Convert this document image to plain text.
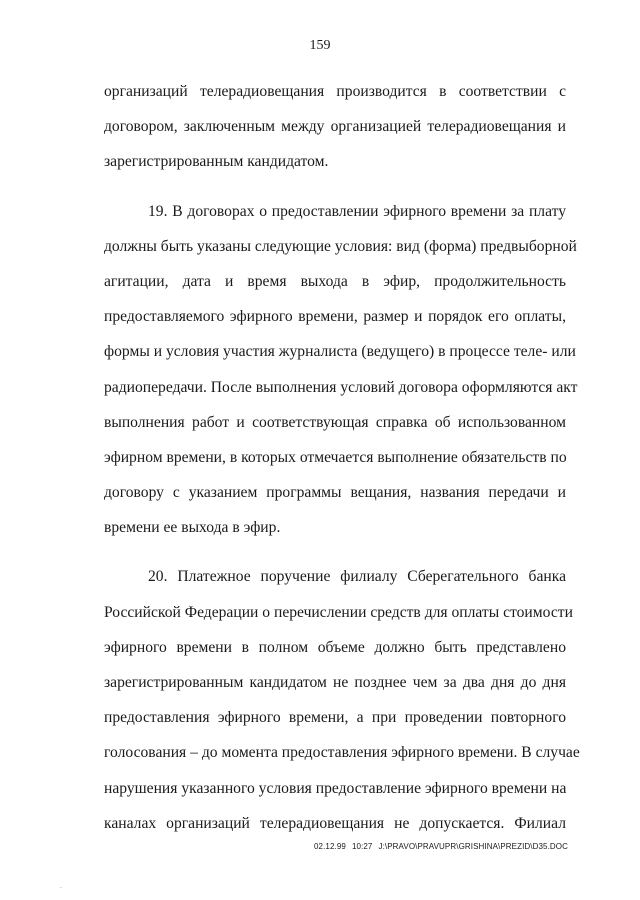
159
организаций телерадиовещания производится в соответствии с
договором, заключенным между организацией телерадиовещания и
зарегистрированным кандидатом.
19. В договорах о предоставлении эфирного времени за плату
должны быть указаны следующие условия: вид (форма) предвыборной
агитации, дата и время выхода в эфир, продолжительность
предоставляемого эфирного времени, размер и порядок его оплаты,
формы и условия участия журналиста (ведущего) в процессе теле- или
радиопередачи. После выполнения условий договора оформляются акт
выполнения работ и соответствующая справка об использованном
эфирном времени, в которых отмечается выполнение обязательств по
договору с указанием программы вещания, названия передачи и
времени ее выхода в эфир.
20. Платежное поручение филиалу Сберегательного банка
Российской Федерации о перечислении средств для оплаты стоимости
эфирного времени в полном объеме должно быть представлено
зарегистрированным кандидатом не позднее чем за два дня до дня
предоставления эфирного времени, а при проведении повторного
голосования – до момента предоставления эфирного времени. В случае
нарушения указанного условия предоставление эфирного времени на
каналах организаций телерадиовещания не допускается. Филиал
02.12.99 10:27 J:\PRAVO\PRAVUPR\GRISHINA\PREZID\D35.DOC
.
